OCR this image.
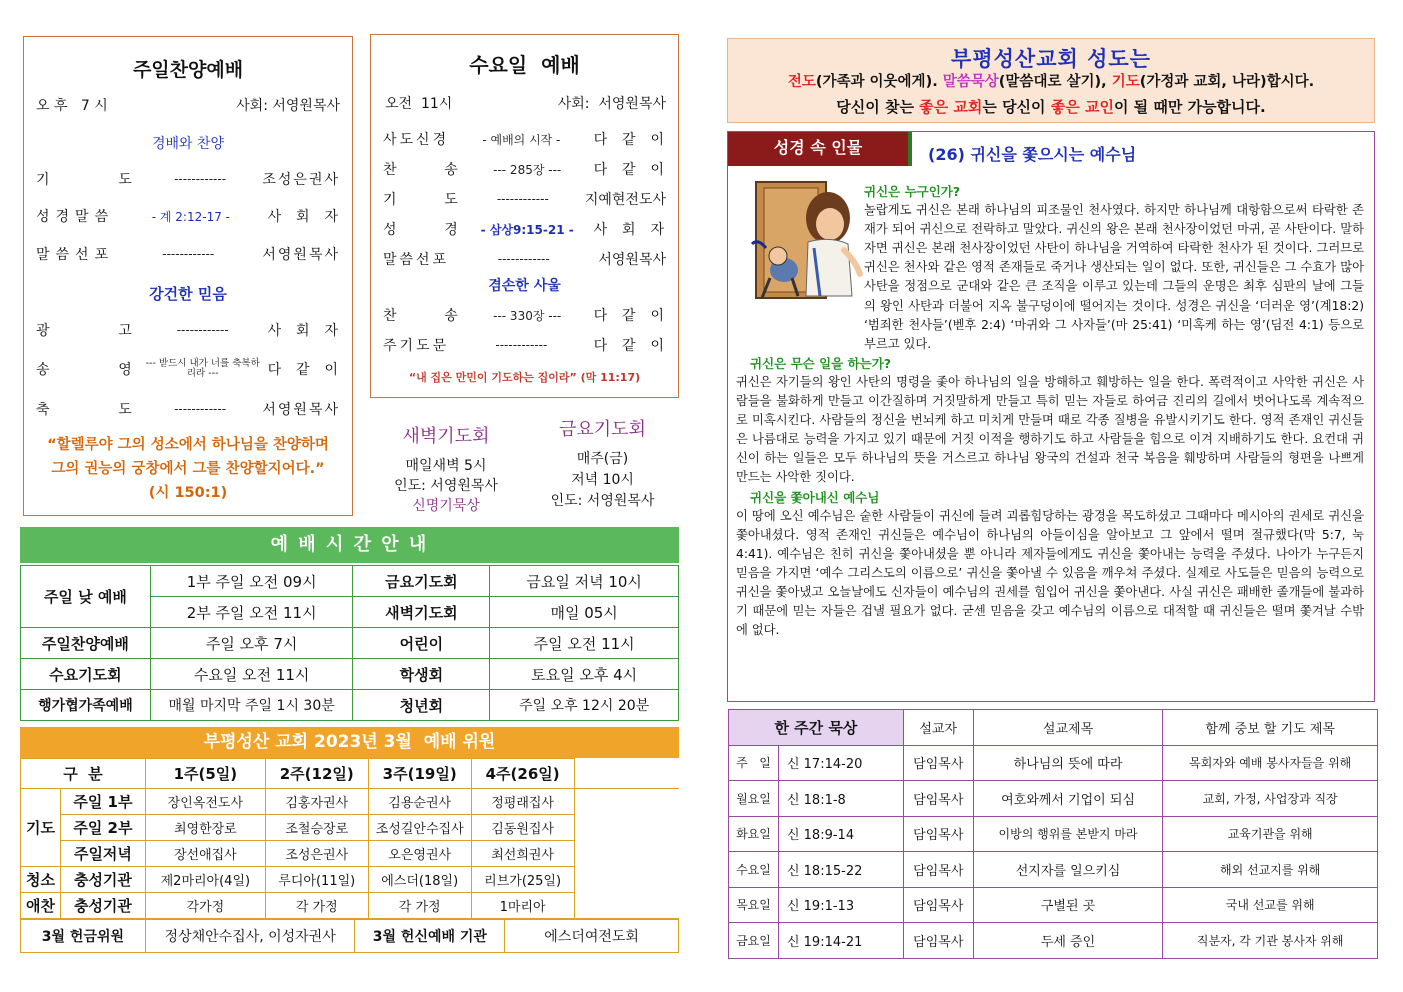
주일찬양예배
오 후   7 시	사회: 서영원목사
경배와 찬양
기      도	------------	조성은권사
성경말씀	- 계 2:12-17 -	사  회  자
말씀선포	------------	서영원목사
강건한 믿음
광      고	------------	사  회  자
송      영 --- 받드시 내가 너를 축복하리라 ---	다  같  이
축      도	------------	서영원목사
“할렐루야 그의 성소에서 하나님을 찬양하며 그의 권능의 궁창에서 그를 찬양할지어다.” (시 150:1)
수요일  예배
오전  11시	사회:  서영원목사
사도신경	- 예배의 시작 -	다  같  이
찬      송	--- 285장 ---	다  같  이
기      도	------------	지예현전도사
성      경	- 삼상9:15-21 -	사  회  자
말씀선포	------------	서영원목사
겸손한 사울
찬      송	--- 330장 ---	다  같  이
주기도문	------------	다  같  이
“내 집은 만민이 기도하는 집이라” (막 11:17)
새벽기도회
매일새벽 5시
인도: 서영원목사
신명기묵상
금요기도회
매주(금)
저녁 10시
인도: 서영원목사
예 배 시 간 안 내
주일 낮 예배	1부 주일 오전 09시	금요기도회	금요일 저녁 10시
	2부 주일 오전 11시	새벽기도회	매일 05시
주일찬양예배	주일 오후 7시	어린이	주일 오전 11시
수요기도회	수요일 오전 11시	학생회	토요일 오후 4시
행가협가족예배	매월 마지막 주일 1시 30분	청년회	주일 오후 12시 20분
부평성산 교회 2023년 3월  예배 위원
구  분		1주(5일)	2주(12일)	3주(19일)	4주(26일)	
기도	주일 1부	장인옥전도사	김홍자권사	김용순권사	정평래집사	
	주일 2부	최영한장로	조철승장로	조성길안수집사	김동원집사	
	주일저녁	장선애집사	조성은권사	오은영권사	최선희권사	
청소	충성기관	제2마리아(4일)	루디아(11일)	에스더(18일)	리브가(25일)	
애찬	충성기관	각가정	각 가정	각 가정	1마리아	
3월 헌금위원	정상채안수집사, 이성자권사	3월 헌신예배 기관	에스더여전도회
부평성산교회 성도는
전도(가족과 이웃에게). 말씀묵상(말씀대로 살기), 기도(가정과 교회, 나라)합시다.
당신이 찾는 좋은 교회는 당신이 좋은 교인이 될 때만 가능합니다.
성경 속 인물	(26) 귀신을 쫓으시는 예수님

귀신은 누구인가?
놀랍게도 귀신은 본래 하나님의 피조물인 천사였다. 하지만 하나님께 대항함으로써 타락한 존재가 되어 귀신으로 전락하고 말았다. 귀신의 왕은 본래 천사장이었던 마귀, 곧 사탄이다. 말하자면 귀신은 본래 천사장이었던 사탄이 하나님을 거역하여 타락한 천사가 된 것이다. 그러므로 귀신은 천사와 같은 영적 존재들로 죽거나 생산되는 일이 없다. 또한, 귀신들은 그 수효가 많아 사탄을 정점으로 군대와 같은 큰 조직을 이루고 있는데 그들의 운명은 최후 심판의 날에 그들의 왕인 사탄과 더불어 지옥 불구덩이에 떨어지는 것이다. 성경은 귀신을 ‘더러운 영’(계18:2) ‘범죄한 천사들’(벧후 2:4) ‘마귀와 그 사자들’(마 25:41) ‘미혹케 하는 영’(딤전 4:1) 등으로 부르고 있다.

귀신은 무슨 일을 하는가?
귀신은 자기들의 왕인 사탄의 명령을 좇아 하나님의 일을 방해하고 훼방하는 일을 한다. 폭력적이고 사악한 귀신은 사람들을 불화하게 만들고 이간질하며 거짓말하게 만들고 특히 믿는 자들로 하여금 진리의 길에서 벗어나도록 계속적으로 미혹시킨다. 사람들의 정신을 번뇌케 하고 미치게 만들며 때로 각종 질병을 유발시키기도 한다. 영적 존재인 귀신들은 나름대로 능력을 가지고 있기 때문에 거짓 이적을 행하기도 하고 사람들을 힘으로 이겨 지배하기도 한다. 요컨대 귀신이 하는 일들은 모두 하나님의 뜻을 거스르고 하나님 왕국의 건설과 천국 복음을 훼방하며 사람들의 형편을 나쁘게 만드는 사악한 짓이다.

귀신을 쫓아내신 예수님
이 땅에 오신 예수님은 숱한 사람들이 귀신에 들려 괴롭힘당하는 광경을 목도하셨고 그때마다 메시아의 권세로 귀신을 쫓아내셨다. 영적 존재인 귀신들은 예수님이 하나님의 아들이심을 알아보고 그 앞에서 떨며 절규했다(막 5:7, 눅 4:41). 예수님은 친히 귀신을 쫓아내셨을 뿐 아니라 제자들에게도 귀신을 쫓아내는 능력을 주셨다. 나아가 누구든지 믿음을 가지면 ‘예수 그리스도의 이름으로’ 귀신을 쫓아낼 수 있음을 깨우쳐 주셨다. 실제로 사도들은 믿음의 능력으로 귀신을 쫓아냈고 오늘날에도 신자들이 예수님의 권세를 힘입어 귀신을 쫓아낸다. 사실 귀신은 패배한 졸개들에 불과하기 때문에 믿는 자들은 겁낼 필요가 없다. 굳센 믿음을 갖고 예수님의 이름으로 대적할 때 귀신들은 떨며 쫓겨날 수밖에 없다.

한 주간 묵상		설교자	설교제목	함께 중보 할 기도 제목
주   일	신 17:14-20	담임목사	하나님의 뜻에 따라	목회자와 예배 봉사자들을 위해
월요일	신 18:1-8	담임목사	여호와께서 기업이 되심	교회, 가정, 사업장과 직장
화요일	신 18:9-14	담임목사	이방의 행위를 본받지 마라	교육기관을 위해
수요일	신 18:15-22	담임목사	선지자를 일으키심	해외 선교지를 위해
목요일	신 19:1-13	담임목사	구별된 곳	국내 선교를 위해
금요일	신 19:14-21	담임목사	두세 증인	직분자, 각 기관 봉사자 위해
